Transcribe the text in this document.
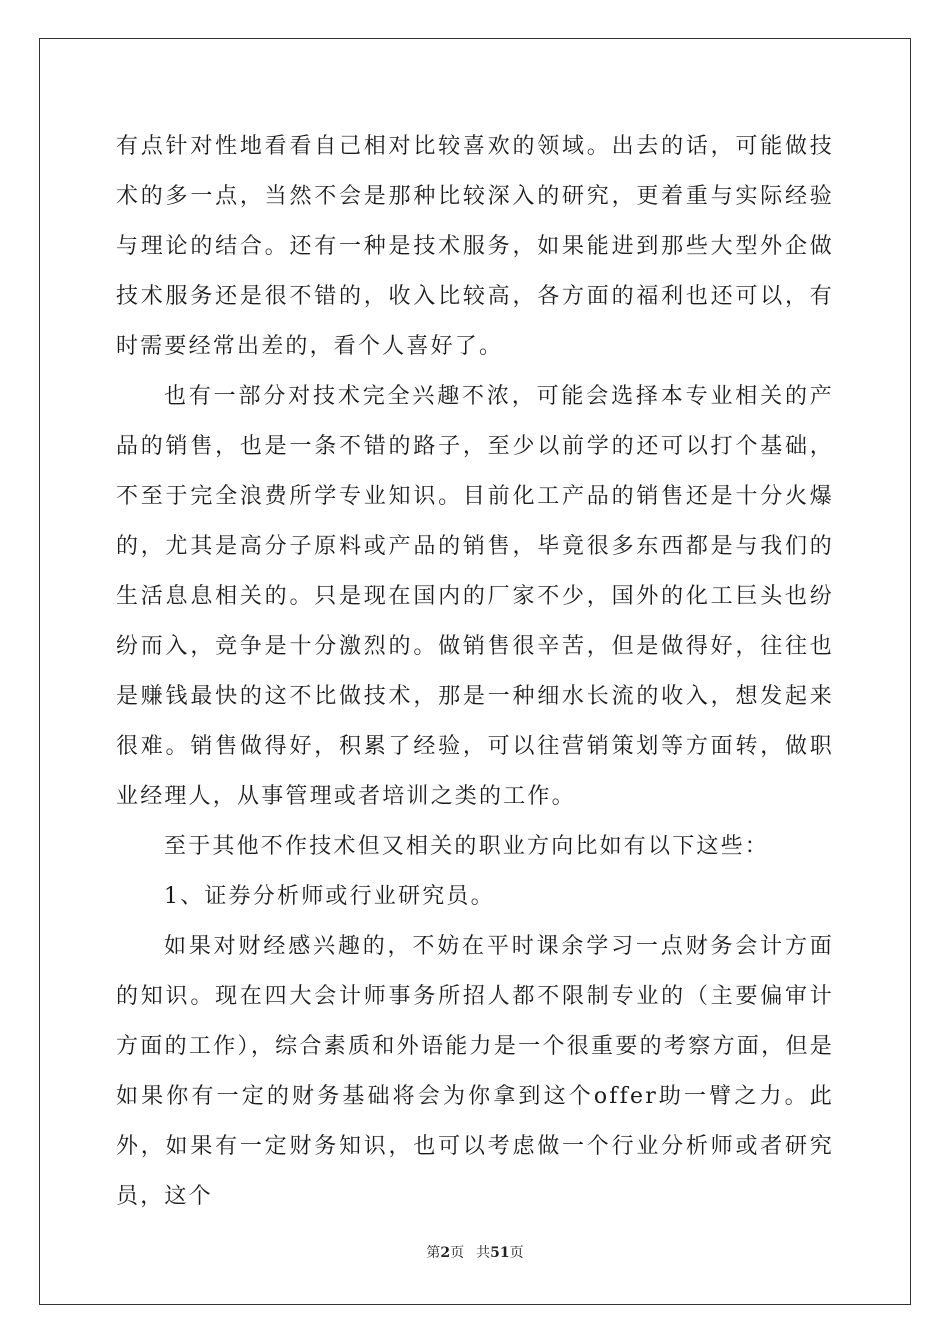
有点针对性地看看自己相对比较喜欢的领域。出去的话，可能做技术的多一点，当然不会是那种比较深入的研究，更着重与实际经验与理论的结合。还有一种是技术服务，如果能进到那些大型外企做技术服务还是很不错的，收入比较高，各方面的福利也还可以，有时需要经常出差的，看个人喜好了。

也有一部分对技术完全兴趣不浓，可能会选择本专业相关的产品的销售，也是一条不错的路子，至少以前学的还可以打个基础，不至于完全浪费所学专业知识。目前化工产品的销售还是十分火爆的，尤其是高分子原料或产品的销售，毕竟很多东西都是与我们的生活息息相关的。只是现在国内的厂家不少，国外的化工巨头也纷纷而入，竞争是十分激烈的。做销售很辛苦，但是做得好，往往也是赚钱最快的这不比做技术，那是一种细水长流的收入，想发起来很难。销售做得好，积累了经验，可以往营销策划等方面转，做职业经理人，从事管理或者培训之类的工作。

至于其他不作技术但又相关的职业方向比如有以下这些：

1、证券分析师或行业研究员。

如果对财经感兴趣的，不妨在平时课余学习一点财务会计方面的知识。现在四大会计师事务所招人都不限制专业的（主要偏审计方面的工作），综合素质和外语能力是一个很重要的考察方面，但是如果你有一定的财务基础将会为你拿到这个offer助一臂之力。此外，如果有一定财务知识，也可以考虑做一个行业分析师或者研究员，这个

第2页 共51页
